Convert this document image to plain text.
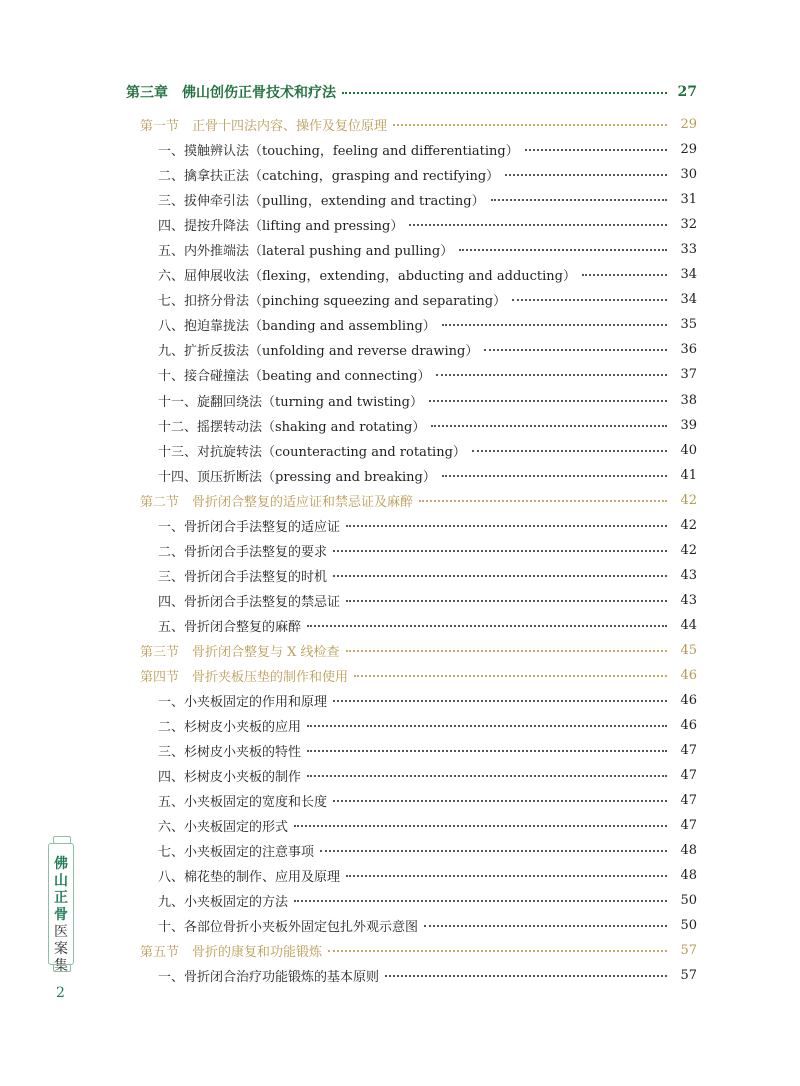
第三章　佛山创伤正骨技术和疗法	27
第一节　正骨十四法内容、操作及复位原理	29
一、摸触辨认法（touching，feeling and differentiating）	29
二、擒拿扶正法（catching，grasping and rectifying）	30
三、拔伸牵引法（pulling，extending and tracting）	31
四、提按升降法（lifting and pressing）	32
五、内外推端法（lateral pushing and pulling）	33
六、屈伸展收法（flexing，extending，abducting and adducting）	34
七、扣挤分骨法（pinching squeezing and separating）	34
八、抱迫靠拢法（banding and assembling）	35
九、扩折反拔法（unfolding and reverse drawing）	36
十、接合碰撞法（beating and connecting）	37
十一、旋翻回绕法（turning and twisting）	38
十二、摇摆转动法（shaking and rotating）	39
十三、对抗旋转法（counteracting and rotating）	40
十四、顶压折断法（pressing and breaking）	41
第二节　骨折闭合整复的适应证和禁忌证及麻醉	42
一、骨折闭合手法整复的适应证	42
二、骨折闭合手法整复的要求	42
三、骨折闭合手法整复的时机	43
四、骨折闭合手法整复的禁忌证	43
五、骨折闭合整复的麻醉	44
第三节　骨折闭合整复与 X 线检查	45
第四节　骨折夹板压垫的制作和使用	46
一、小夹板固定的作用和原理	46
二、杉树皮小夹板的应用	46
三、杉树皮小夹板的特性	47
四、杉树皮小夹板的制作	47
五、小夹板固定的宽度和长度	47
六、小夹板固定的形式	47
七、小夹板固定的注意事项	48
八、棉花垫的制作、应用及原理	48
九、小夹板固定的方法	50
十、各部位骨折小夹板外固定包扎外观示意图	50
第五节　骨折的康复和功能锻炼	57
一、骨折闭合治疗功能锻炼的基本原则	57
佛
山
正
骨
医
案
集
2
